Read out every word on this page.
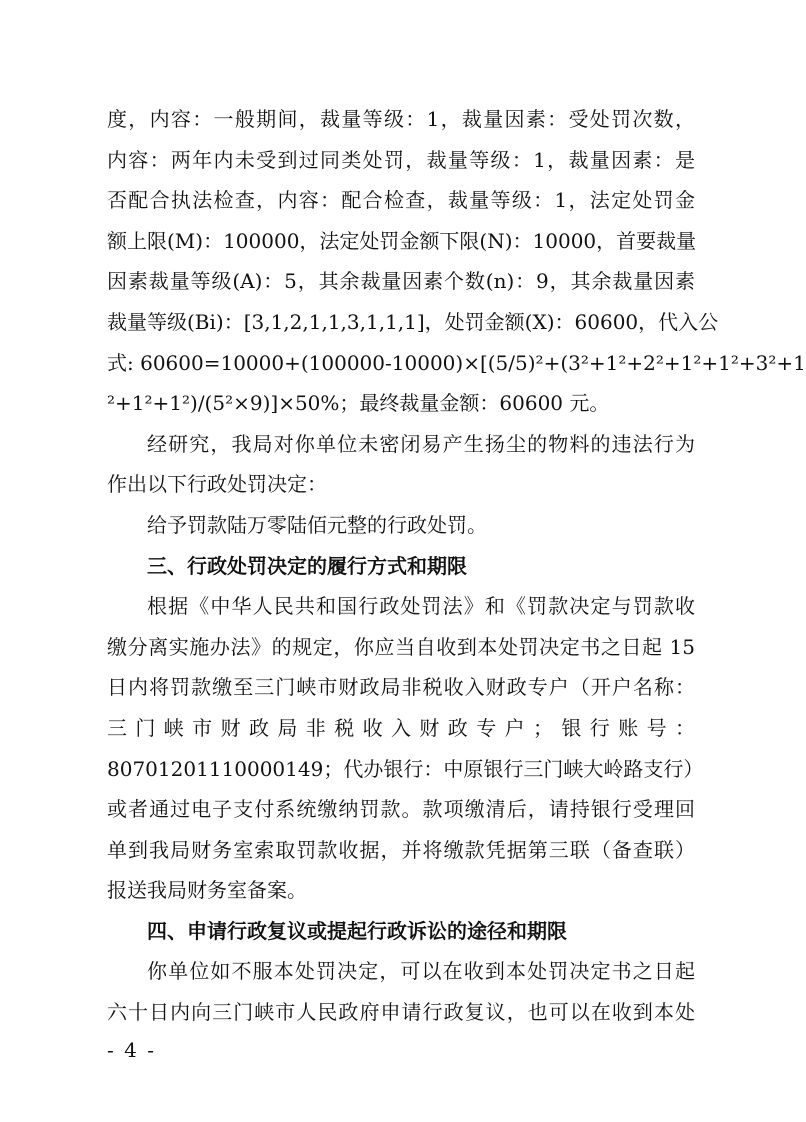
度，内容：一般期间，裁量等级：1，裁量因素：受处罚次数，
内容：两年内未受到过同类处罚，裁量等级：1，裁量因素：是
否配合执法检查，内容：配合检查，裁量等级：1，法定处罚金
额上限(M)：100000，法定处罚金额下限(N)：10000，首要裁量
因素裁量等级(A)：5，其余裁量因素个数(n)：9，其余裁量因素
裁量等级(Bi)：[3,1,2,1,1,3,1,1,1]，处罚金额(X)：60600，代入公
式: 60600=10000+(100000-10000)×[(5/5)²+(3²+1²+2²+1²+1²+3²+1
²+1²+1²)/(5²×9)]×50%；最终裁量金额：60600 元。
经研究，我局对你单位未密闭易产生扬尘的物料的违法行为
作出以下行政处罚决定：
给予罚款陆万零陆佰元整的行政处罚。
三、行政处罚决定的履行方式和期限
根据《中华人民共和国行政处罚法》和《罚款决定与罚款收
缴分离实施办法》的规定，你应当自收到本处罚决定书之日起 15
日内将罚款缴至三门峡市财政局非税收入财政专户（开户名称：
三门峡市财政局非税收入财政专户；银行账号：
80701201110000149；代办银行：中原银行三门峡大岭路支行）
或者通过电子支付系统缴纳罚款。款项缴清后，请持银行受理回
单到我局财务室索取罚款收据，并将缴款凭据第三联（备查联）
报送我局财务室备案。
四、申请行政复议或提起行政诉讼的途径和期限
你单位如不服本处罚决定，可以在收到本处罚决定书之日起
六十日内向三门峡市人民政府申请行政复议，也可以在收到本处
- 4 -
